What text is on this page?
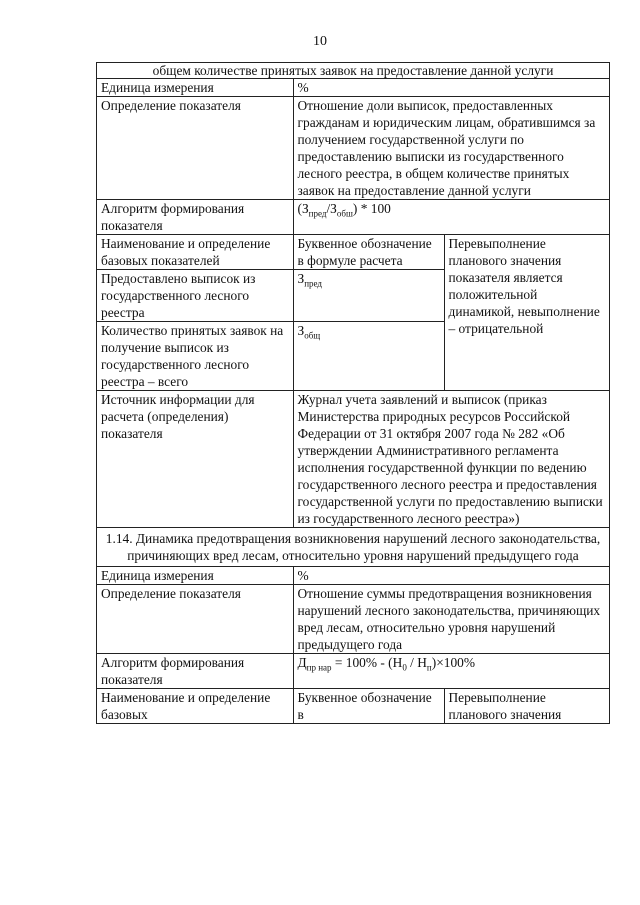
10
общем количестве принятых заявок на предоставление данной услуги		
Единица измерения	%	
Определение показателя	Отношение доли выписок, предоставленных гражданам и юридическим лицам, обратившимся за получением государственной услуги по предоставлению выписки из государственного лесного реестра, в общем количестве принятых заявок на предоставление данной услуги	
Алгоритм формирования показателя	$(З_{пред}/З_{обш}) * 100$	
Наименование и определение базовых показателей	Буквенное обозначение в формуле расчета	Перевыполнение планового значения показателя является положительной динамикой, невыполнение – отрицательной
Предоставлено выписок из государственного лесного реестра	$З_{пред}$
Количество принятых заявок на получение выписок из государственного лесного реестра – всего	$З_{общ}$
Источник информации для расчета (определения) показателя	Журнал учета заявлений и выписок (приказ Министерства природных ресурсов Российской Федерации от 31 октября 2007 года № 282 «Об утверждении Административного регламента исполнения государственной функции по ведению государственного лесного реестра и предоставления государственной услуги по предоставлению выписки из государственного лесного реестра»)	
1.14. Динамика предотвращения возникновения нарушений лесного законодательства, причиняющих вред лесам, относительно уровня нарушений предыдущего года		
Единица измерения	%	
Определение показателя	Отношение суммы предотвращения возникновения нарушений лесного законодательства, причиняющих вред лесам, относительно уровня нарушений предыдущего года	
Алгоритм формирования показателя	$Д_{пр нар} = 100\% - (Н_0 / Н_п)\times 100\%$	
Наименование и определение базовых	Буквенное обозначение в	Перевыполнение планового значения
